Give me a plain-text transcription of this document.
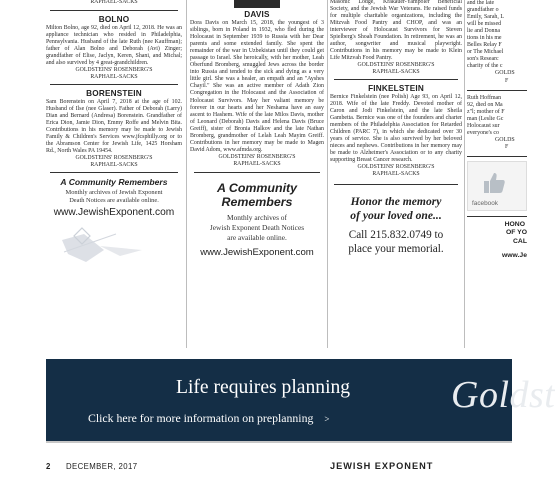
RAPHAEL-SACKS
BOLNO
Milton Bolno, age 92, died on April 12, 2018. He was an appliance technician who resided in Philadelphia, Pennsylvania. Husband of the late Ruth (nee Kauffman); father of Alan Bolno and Deborah (Avi) Zinger; grandfather of Elise, Jaclyn, Keren, Shani, and Michal; and also survived by 4 great-grandchildren.
GOLDSTEINS' ROSENBERG'S
RAPHAEL-SACKS
BORENSTEIN
Sam Borenstein on April 7, 2018 at the age of 102. Husband of Ilse (nee Glaser). Father of Deborah (Larry) Dian and Bernard (Andresa) Borenstein. Grandfather of Erica Dion, Jamie Dion, Emmy Roffe and Melvin Bita. Contributions in his memory may be made to Jewish Family & Children's Services www.jfcsphilly.org or to the Abramson Center for Jewish Life, 1425 Horsham Rd., North Wales PA 19454.
GOLDSTEINS' ROSENBERG'S
RAPHAEL-SACKS
A Community Remembers
Monthly archives of Jewish Exponent
Death Notices are available online.
www.JewishExponent.com
DAVIS
Dora Davis on March 15, 2018, the youngest of 3 siblings, born in Poland in 1932, who fled during the Holocaust in September 1939 to Russia with her Dear parents and some extended family. She spent the remainder of the war in Uzbekistan until they could get passage to Israel. She heroically, with her mother, Leah Oberfund Bromberg, smuggled Jews across the border into Russia and tended to the sick and dying as a very little girl. She was a healer, an empath and an "Ayshes Chayil." She was an active member of Adath Zion Congregation in the Holocaust and the Association of Holocaust Survivors. May her valiant memory be forever in our hearts and her Neshama have an easy ascent to Hashem. Wife of the late Milos Davis, mother of Leonard (Deborah) Davis and Helena Davis (Bruce Greiff), sister of Bronia Halkov and the late Nathan Bromberg, grandmother of Lelah Leah Mayim Greiff. Contributions in her memory may be made to Magen David Adom, www.afmda.org.
GOLDSTEINS' ROSENBERG'S
RAPHAEL-SACKS
A Community
Remembers
Monthly archives of
Jewish Exponent Death Notices
are available online.
www.JewishExponent.com
Masonic Lodge, Krakauer-Yampoler Beneficial Society, and the Jewish War Veterans. He raised funds for multiple charitable organizations, including the Mitzvah Food Pantry and CHOP, and was an interviewer of Holocaust Survivors for Steven Spielberg's Shoah Foundation. In retirement, he was an author, songwriter and musical playwright. Contributions in his memory may be made to Klein Life Mitzvah Food Pantry.
GOLDSTEINS' ROSENBERG'S
RAPHAEL-SACKS
FINKELSTEIN
Bernice Finkelstein (nee Polish) Age 93, on April 12, 2018. Wife of the late Freddy. Devoted mother of Caron and Jodi Finkelstein, and the late Sheila Gambetta. Bernice was one of the founders and charter members of the Philadelphia Association for Retarded Children (PARC 7), in which she dedicated over 30 years of service. She is also survived by her beloved nieces and nephews. Contributions in her memory may be made to Alzheimer's Association or to any charity supporting Breast Cancer research.
GOLDSTEINS' ROSENBERG'S
RAPHAEL-SACKS
Honor the memory
of your loved one...
Call 215.832.0749 to
place your memorial.
and the late
grandfather o
Emily, Sarah, L
will be missed
lie and Donna
tions in his me
Belles Relay F
or The Michael
son's Researc
charity of the c
GOLDS
F
Ruth Hoffman
92, died on Ma
z"l; mother of F
man (Leslie Gc
Holocaust sur
everyone's co
GOLDS
F
facebook
HONO
OF YO
CAL
www.Je
Life requires planning
Click here for more information on preplanning >
Goldst
2 DECEMBER, 2017	JEWISH EXPONENT
